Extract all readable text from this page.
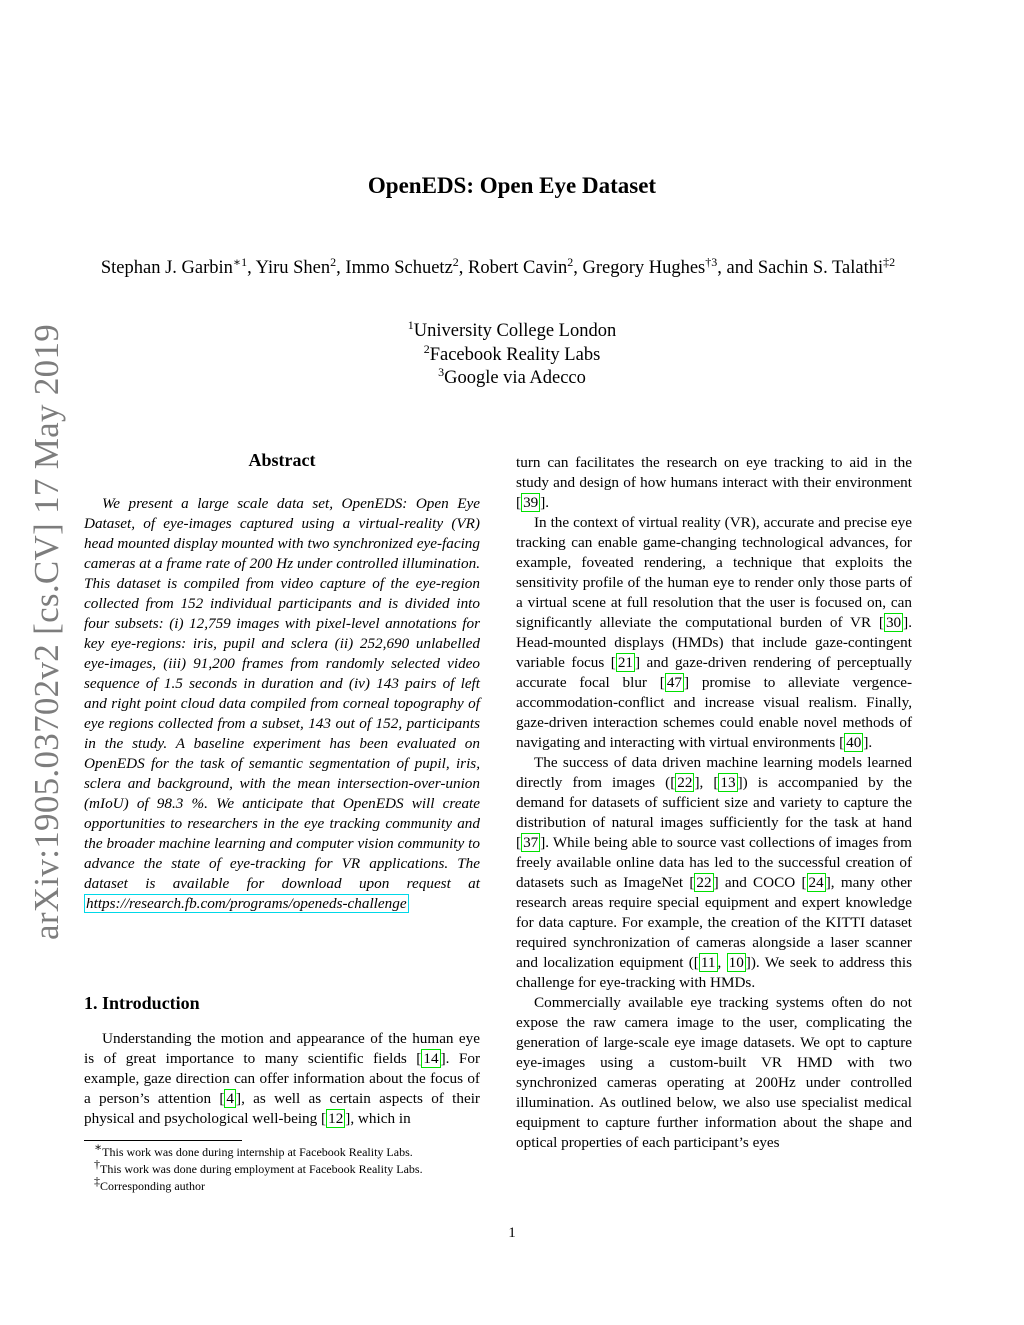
arXiv:1905.03702v2 [cs.CV] 17 May 2019
OpenEDS: Open Eye Dataset
Stephan J. Garbin$^{∗1}$, Yiru Shen$^2$, Immo Schuetz$^2$, Robert Cavin$^2$, Gregory Hughes$^{\dagger 3}$, and Sachin S. Talathi$^{\ddagger 2}$
$^1$University College London
$^2$Facebook Reality Labs
$^3$Google via Adecco
Abstract

We present a large scale data set, OpenEDS: Open Eye Dataset, of eye-images captured using a virtual-reality (VR) head mounted display mounted with two synchronized eye-facing cameras at a frame rate of 200 Hz under controlled illumination. This dataset is compiled from video capture of the eye-region collected from 152 individual participants and is divided into four subsets: (i) 12,759 images with pixel-level annotations for key eye-regions: iris, pupil and sclera (ii) 252,690 unlabelled eye-images, (iii) 91,200 frames from randomly selected video sequence of 1.5 seconds in duration and (iv) 143 pairs of left and right point cloud data compiled from corneal topography of eye regions collected from a subset, 143 out of 152, participants in the study. A baseline experiment has been evaluated on OpenEDS for the task of semantic segmentation of pupil, iris, sclera and background, with the mean intersection-over-union (mIoU) of 98.3 %. We anticipate that OpenEDS will create opportunities to researchers in the eye tracking community and the broader machine learning and computer vision community to advance the state of eye-tracking for VR applications. The dataset is available for download upon request at https://research.fb.com/programs/openeds-challenge

1. Introduction

Understanding the motion and appearance of the human eye is of great importance to many scientific fields [ 14 ]. For example, gaze direction can offer information about the focus of a person’s attention [ 4 ], as well as certain aspects of their physical and psychological well-being [ 12 ], which in

turn can facilitates the research on eye tracking to aid in the study and design of how humans interact with their environment [ 39 ].

In the context of virtual reality (VR), accurate and precise eye tracking can enable game-changing technological advances, for example, foveated rendering, a technique that exploits the sensitivity profile of the human eye to render only those parts of a virtual scene at full resolution that the user is focused on, can significantly alleviate the computational burden of VR [ 30 ]. Head-mounted displays (HMDs) that include gaze-contingent variable focus [ 21 ] and gaze-driven rendering of perceptually accurate focal blur [ 47 ] promise to alleviate vergence-accommodation-conflict and increase visual realism. Finally, gaze-driven interaction schemes could enable novel methods of navigating and interacting with virtual environments [ 40 ].

The success of data driven machine learning models learned directly from images ([ 22 ], [ 13 ]) is accompanied by the demand for datasets of sufficient size and variety to capture the distribution of natural images sufficiently for the task at hand [ 37 ]. While being able to source vast collections of images from freely available online data has led to the successful creation of datasets such as ImageNet [ 22 ] and COCO [ 24 ], many other research areas require special equipment and expert knowledge for data capture. For example, the creation of the KITTI dataset required synchronization of cameras alongside a laser scanner and localization equipment ([ 11 , 10 ]). We seek to address this challenge for eye-tracking with HMDs.

Commercially available eye tracking systems often do not expose the raw camera image to the user, complicating the generation of large-scale eye image datasets. We opt to capture eye-images using a custom-built VR HMD with two synchronized cameras operating at 200Hz under controlled illumination. As outlined below, we also use specialist medical equipment to capture further information about the shape and optical properties of each participant’s eyes

∗This work was done during internship at Facebook Reality Labs.
†This work was done during employment at Facebook Reality Labs.
‡Corresponding author
1
